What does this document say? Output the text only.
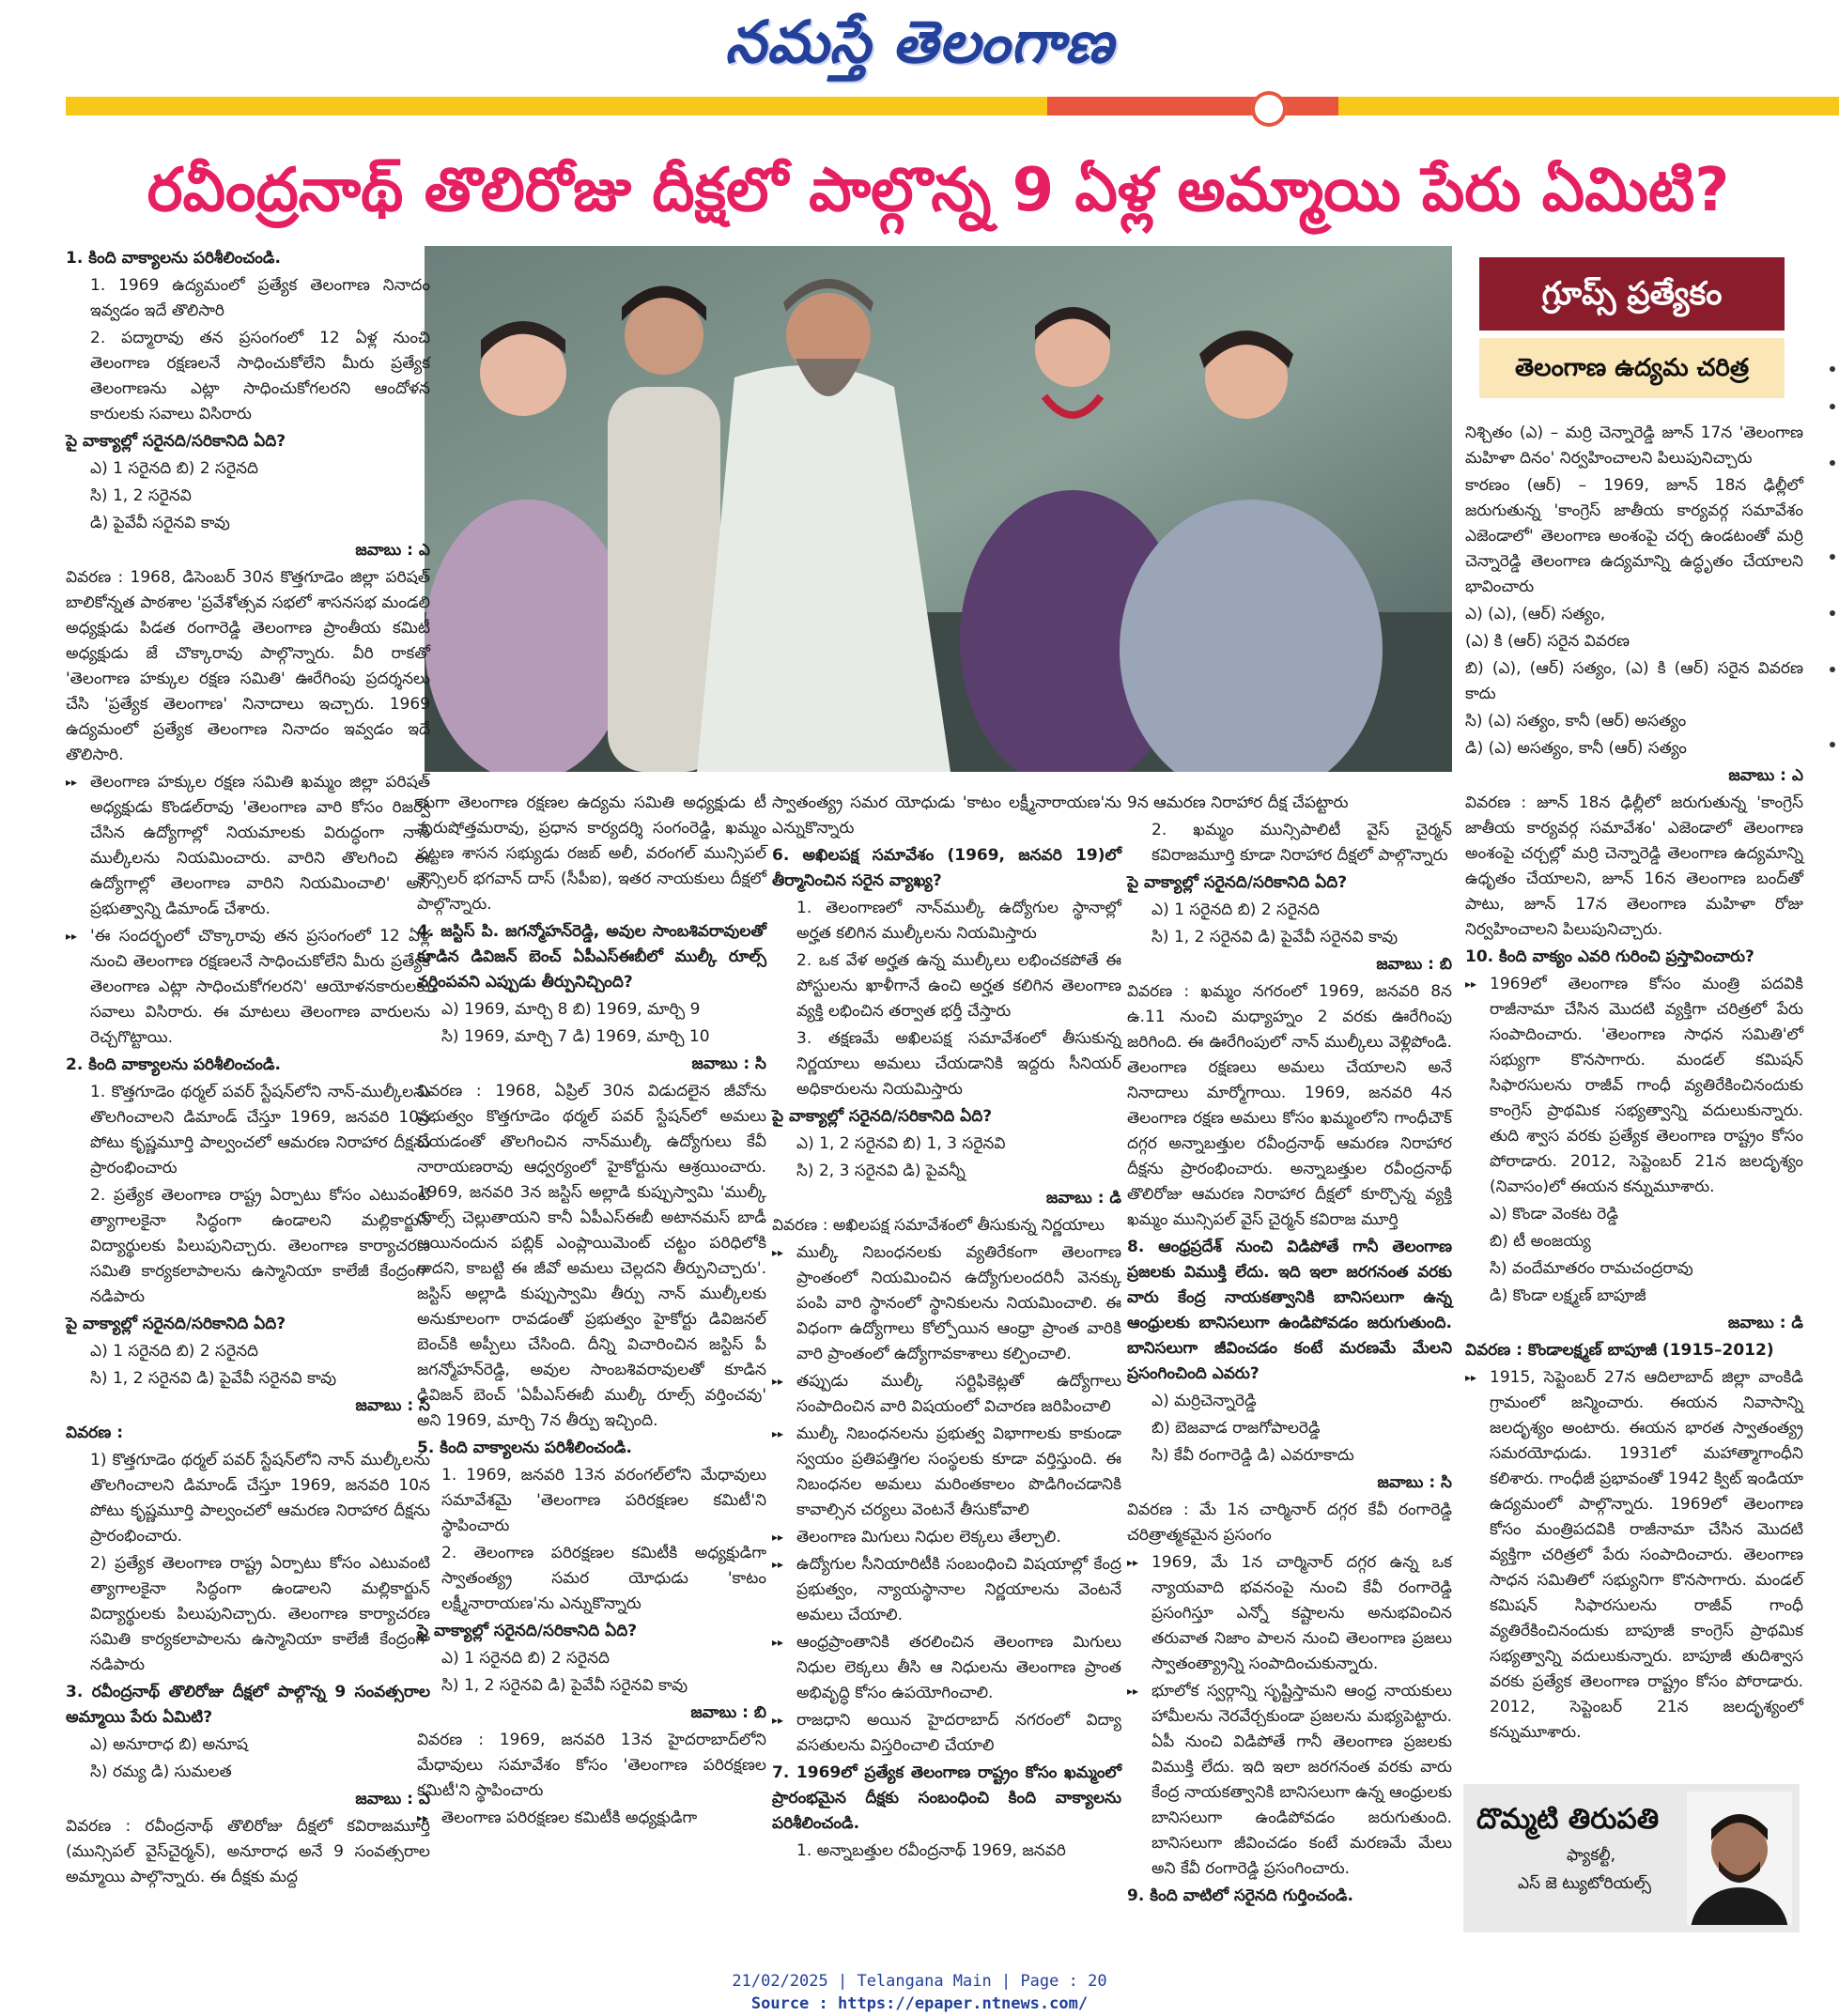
నమస్తే తెలంగాణ
రవీంద్రనాథ్ తొలిరోజు దీక్షలో పాల్గొన్న 9 ఏళ్ల అమ్మాయి పేరు ఏమిటి?
గ్రూప్స్ ప్రత్యేకం
తెలంగాణ ఉద్యమ చరిత్ర

1. కింది వాక్యాలను పరిశీలించండి.

1. 1969 ఉద్యమంలో ప్రత్యేక తెలంగాణ నినాదం ఇవ్వడం ఇదే తొలిసారి

2. పద్మారావు తన ప్రసంగంలో 12 ఏళ్ల నుంచి తెలంగాణ రక్షణలనే సాధించుకోలేని మీరు ప్రత్యేక తెలంగాణను ఎట్లా సాధించుకోగలరని ఆందోళన కారులకు సవాలు విసిరారు

పై వాక్యాల్లో సరైనది/సరికానిది ఏది?

ఎ) 1 సరైనది బి) 2 సరైనది

సి) 1, 2 సరైనవి

డి) పైవేవీ సరైనవి కావు

జవాబు : ఎ

వివరణ : 1968, డిసెంబర్ 30న కొత్తగూడెం జిల్లా పరిషత్ బాలికోన్నత పాఠశాల 'ప్రవేశోత్సవ సభలో శాసనసభ మండలి అధ్యక్షుడు పిడత రంగారెడ్డి తెలంగాణ ప్రాంతీయ కమిటీ అధ్యక్షుడు జే చొక్కారావు పాల్గొన్నారు. వీరి రాకతో 'తెలంగాణ హక్కుల రక్షణ సమితి' ఊరేగింపు ప్రదర్శనలు చేసి 'ప్రత్యేక తెలంగాణ' నినాదాలు ఇచ్చారు. 1969 ఉద్యమంలో ప్రత్యేక తెలంగాణ నినాదం ఇవ్వడం ఇదే తొలిసారి.

▸▸ తెలంగాణ హక్కుల రక్షణ సమితి ఖమ్మం జిల్లా పరిషత్ అధ్యక్షుడు కొండల్‌రావు 'తెలంగాణ వారి కోసం రిజర్వ్ చేసిన ఉద్యోగాల్లో నియమాలకు విరుద్ధంగా నాన్ ముల్కీలను నియమించారు. వారిని తొలగించి ఈ ఉద్యోగాల్లో తెలంగాణ వారిని నియమించాలి' అని ప్రభుత్వాన్ని డిమాండ్ చేశారు.

▸▸ 'ఈ సందర్భంలో చొక్కారావు తన ప్రసంగంలో 12 ఏళ్ల నుంచి తెలంగాణ రక్షణలనే సాధించుకోలేని మీరు ప్రత్యేక తెలంగాణ ఎట్లా సాధించుకోగలరని' ఆయోళనకారులకు సవాలు విసిరారు. ఈ మాటలు తెలంగాణ వారులను రెచ్చగొట్టాయి.

2. కింది వాక్యాలను పరిశీలించండి.

1. కొత్తగూడెం థర్మల్ పవర్ స్టేషన్‌లోని నాన్-ముల్కీలను తొలగించాలని డిమాండ్ చేస్తూ 1969, జనవరి 10న పోటు కృష్ణమూర్తి పాల్వంచలో ఆమరణ నిరాహార దీక్షను ప్రారంభించారు

2. ప్రత్యేక తెలంగాణ రాష్ట్ర ఏర్పాటు కోసం ఎటువంటి త్యాగాలకైనా సిద్ధంగా ఉండాలని మల్లికార్జున్ విద్యార్థులకు పిలుపునిచ్చారు. తెలంగాణ కార్యాచరణ సమితి కార్యకలాపాలను ఉస్మానియా కాలేజీ కేంద్రంగా నడిపారు

పై వాక్యాల్లో సరైనది/సరికానిది ఏది?

ఎ) 1 సరైనది బి) 2 సరైనది

సి) 1, 2 సరైనవి డి) పైవేవీ సరైనవి కావు

జవాబు : సి

వివరణ :

1) కొత్తగూడెం థర్మల్ పవర్ స్టేషన్‌లోని నాన్ ముల్కీలను తొలగించాలని డిమాండ్ చేస్తూ 1969, జనవరి 10న పోటు కృష్ణమూర్తి పాల్వంచలో ఆమరణ నిరాహార దీక్షను ప్రారంభించారు.

2) ప్రత్యేక తెలంగాణ రాష్ట్ర ఏర్పాటు కోసం ఎటువంటి త్యాగాలకైనా సిద్ధంగా ఉండాలని మల్లికార్జున్ విద్యార్థులకు పిలుపునిచ్చారు. తెలంగాణ కార్యాచరణ సమితి కార్యకలాపాలను ఉస్మానియా కాలేజీ కేంద్రంగా నడిపారు

3. రవీంద్రనాథ్ తొలిరోజు దీక్షలో పాల్గొన్న 9 సంవత్సరాల అమ్మాయి పేరు ఏమిటి?

ఎ) అనూరాధ బి) అనూష

సి) రమ్య డి) సుమలత

జవాబు : ఎ

వివరణ : రవీంద్రనాథ్ తొలిరోజు దీక్షలో కవిరాజమూర్తి (మున్సిపల్ వైస్‌చైర్మన్), అనూరాధ అనే 9 సంవత్సరాల అమ్మాయి పాల్గొన్నారు. ఈ దీక్షకు మద్ద

తుగా తెలంగాణ రక్షణల ఉద్యమ సమితి అధ్యక్షుడు టీ పురుషోత్తమరావు, ప్రధాన కార్యదర్శి సంగంరెడ్డి, ఖమ్మం పట్టణ శాసన సభ్యుడు రజబ్ అలీ, వరంగల్ మున్సిపల్ కౌన్సిలర్ భగవాన్ దాస్ (సీపీఐ), ఇతర నాయకులు దీక్షలో పాల్గొన్నారు.

4. జస్టిస్ పి. జగన్మోహన్‌రెడ్డి, అవుల సాంబశివరావులతో కూడిన డివిజన్ బెంచ్ ఏపీఎస్‌ఈబీలో ముల్కీ రూల్స్ వర్తింపవని ఎప్పుడు తీర్పునిచ్చింది?

ఎ) 1969, మార్చి 8 బి) 1969, మార్చి 9

సి) 1969, మార్చి 7 డి) 1969, మార్చి 10

జవాబు : సి

వివరణ : 1968, ఏప్రిల్ 30న విడుదలైన జీవోను ప్రభుత్వం కొత్తగూడెం థర్మల్ పవర్ స్టేషన్‌లో అమలు చేయడంతో తొలగించిన నాన్‌ముల్కీ ఉద్యోగులు కేవీ నారాయణరావు ఆధ్వర్యంలో హైకోర్టును ఆశ్రయించారు. 1969, జనవరి 3న జస్టిస్ అల్లాడి కుప్పుస్వామి 'ముల్కీ రూల్స్ చెల్లుతాయని కానీ ఏపీఎస్‌ఈబీ అటానమస్ బాడీ అయినందున పబ్లిక్ ఎంప్లాయిమెంట్ చట్టం పరిధిలోకి రాదని, కాబట్టి ఈ జీవో అమలు చెల్లదని తీర్పునిచ్చారు'. జస్టిస్ అల్లాడి కుప్పుస్వామి తీర్పు నాన్ ముల్కీలకు అనుకూలంగా రావడంతో ప్రభుత్వం హైకోర్టు డివిజనల్ బెంచ్‌కి అప్పీలు చేసింది. దీన్ని విచారించిన జస్టిస్ పీ జగన్మోహన్‌రెడ్డి, అవుల సాంబశివరావులతో కూడిన డివిజన్ బెంచ్ 'ఏపీఎస్‌ఈబీ ముల్కీ రూల్స్ వర్తించవు' అని 1969, మార్చి 7న తీర్పు ఇచ్చింది.

5. కింది వాక్యాలను పరిశీలించండి.

1. 1969, జనవరి 13న వరంగల్‌లోని మేధావులు సమావేశమై 'తెలంగాణ పరిరక్షణల కమిటీ'ని స్థాపించారు

2. తెలంగాణ పరిరక్షణల కమిటీకి అధ్యక్షుడిగా స్వాతంత్య్ర సమర యోధుడు 'కాటం లక్ష్మీనారాయణ'ను ఎన్నుకొన్నారు

పై వాక్యాల్లో సరైనది/సరికానిది ఏది?

ఎ) 1 సరైనది బి) 2 సరైనది

సి) 1, 2 సరైనవి డి) పైవేవీ సరైనవి కావు

జవాబు : బి

వివరణ : 1969, జనవరి 13న హైదరాబాద్‌లోని మేధావులు సమావేశం కోసం 'తెలంగాణ పరిరక్షణల కమిటీ'ని స్థాపించారు

▸▸ తెలంగాణ పరిరక్షణల కమిటీకి అధ్యక్షుడిగా

స్వాతంత్య్ర సమర యోధుడు 'కాటం లక్ష్మీనారాయణ'ను ఎన్నుకొన్నారు

6. అఖిలపక్ష సమావేశం (1969, జనవరి 19)లో తీర్మానించిన సరైన వ్యాఖ్య?

1. తెలంగాణలో నాన్‌ముల్కీ ఉద్యోగుల స్థానాల్లో అర్హత కలిగిన ముల్కీలను నియమిస్తారు

2. ఒక వేళ అర్హత ఉన్న ముల్కీలు లభించకపోతే ఈ పోస్టులను ఖాళీగానే ఉంచి అర్హత కలిగిన తెలంగాణ వ్యక్తి లభించిన తర్వాత భర్తీ చేస్తారు

3. తక్షణమే అఖిలపక్ష సమావేశంలో తీసుకున్న నిర్ణయాలు అమలు చేయడానికి ఇద్దరు సీనియర్ అధికారులను నియమిస్తారు

పై వాక్యాల్లో సరైనది/సరికానిది ఏది?

ఎ) 1, 2 సరైనవి బి) 1, 3 సరైనవి

సి) 2, 3 సరైనవి డి) పైవన్నీ

జవాబు : డి

వివరణ : అఖిలపక్ష సమావేశంలో తీసుకున్న నిర్ణయాలు

▸▸ ముల్కీ నిబంధనలకు వ్యతిరేకంగా తెలంగాణ ప్రాంతంలో నియమించిన ఉద్యోగులందరినీ వెనక్కు పంపి వారి స్థానంలో స్థానికులను నియమించాలి. ఈ విధంగా ఉద్యోగాలు కోల్పోయిన ఆంధ్రా ప్రాంత వారికి వారి ప్రాంతంలో ఉద్యోగావకాశాలు కల్పించాలి.

▸▸ తప్పుడు ముల్కీ సర్టిఫికెట్లతో ఉద్యోగాలు సంపాదించిన వారి విషయంలో విచారణ జరిపించాలి

▸▸ ముల్కీ నిబంధనలను ప్రభుత్వ విభాగాలకు కాకుండా స్వయం ప్రతిపత్తిగల సంస్థలకు కూడా వర్తిస్తుంది. ఈ నిబంధనల అమలు మరింతకాలం పొడిగించడానికి కావాల్సిన చర్యలు వెంటనే తీసుకోవాలి

▸▸ తెలంగాణ మిగులు నిధుల లెక్కలు తేల్చాలి.

▸▸ ఉద్యోగుల సీనియారిటీకి సంబంధించి విషయాల్లో కేంద్ర ప్రభుత్వం, న్యాయస్థానాల నిర్ణయాలను వెంటనే అమలు చేయాలి.

▸▸ ఆంధ్రప్రాంతానికి తరలించిన తెలంగాణ మిగులు నిధుల లెక్కలు తీసి ఆ నిధులను తెలంగాణ ప్రాంత అభివృద్ధి కోసం ఉపయోగించాలి.

▸▸ రాజధాని అయిన హైదరాబాద్ నగరంలో విద్యా వసతులను విస్తరించాలి చేయాలి

7. 1969లో ప్రత్యేక తెలంగాణ రాష్ట్రం కోసం ఖమ్మంలో ప్రారంభమైన దీక్షకు సంబంధించి కింది వాక్యాలను పరిశీలించండి.

1. అన్నాబత్తుల రవీంద్రనాథ్ 1969, జనవరి

9న ఆమరణ నిరాహార దీక్ష చేపట్టారు

2. ఖమ్మం మున్సిపాలిటీ వైస్ చైర్మన్ కవిరాజమూర్తి కూడా నిరాహార దీక్షలో పాల్గొన్నారు

పై వాక్యాల్లో సరైనది/సరికానిది ఏది?

ఎ) 1 సరైనది బి) 2 సరైనది

సి) 1, 2 సరైనవి డి) పైవేవీ సరైనవి కావు

జవాబు : బి

వివరణ : ఖమ్మం నగరంలో 1969, జనవరి 8న ఉ.11 నుంచి మధ్యాహ్నం 2 వరకు ఊరేగింపు జరిగింది. ఈ ఊరేగింపులో నాన్ ముల్కీలు వెళ్లిపోండి. తెలంగాణ రక్షణలు అమలు చేయాలని అనే నినాదాలు మార్మోగాయి. 1969, జనవరి 4న తెలంగాణ రక్షణ అమలు కోసం ఖమ్మంలోని గాంధీచౌక్ దగ్గర అన్నాబత్తుల రవీంద్రనాథ్ ఆమరణ నిరాహార దీక్షను ప్రారంభించారు. అన్నాబత్తుల రవీంద్రనాథ్ తొలిరోజు ఆమరణ నిరాహార దీక్షలో కూర్చొన్న వ్యక్తి ఖమ్మం మున్సిపల్ వైస్ చైర్మన్ కవిరాజ మూర్తి

8. ఆంధ్రప్రదేశ్ నుంచి విడిపోతే గానీ తెలంగాణ ప్రజలకు విముక్తి లేదు. ఇది ఇలా జరగనంత వరకు వారు కేంద్ర నాయకత్వానికి బానిసలుగా ఉన్న ఆంధ్రులకు బానిసలుగా ఉండిపోవడం జరుగుతుంది. బానిసలుగా జీవించడం కంటే మరణమే మేలని ప్రసంగించింది ఎవరు?

ఎ) మర్రిచెన్నారెడ్డి

బి) బెజవాడ రాజగోపాలరెడ్డి

సి) కేవీ రంగారెడ్డి డి) ఎవరూకాదు

జవాబు : సి

వివరణ : మే 1న చార్మినార్ దగ్గర కేవీ రంగారెడ్డి చరిత్రాత్మకమైన ప్రసంగం

▸▸ 1969, మే 1న చార్మినార్ దగ్గర ఉన్న ఒక న్యాయవాది భవనంపై నుంచి కేవీ రంగారెడ్డి ప్రసంగిస్తూ ఎన్నో కష్టాలను అనుభవించిన తరువాత నిజాం పాలన నుంచి తెలంగాణ ప్రజలు స్వాతంత్య్రాన్ని సంపాదించుకున్నారు.

▸▸ భూలోక స్వర్గాన్ని సృష్టిస్తామని ఆంధ్ర నాయకులు హామీలను నెరవేర్చకుండా ప్రజలను మభ్యపెట్టారు. ఏపీ నుంచి విడిపోతే గానీ తెలంగాణ ప్రజలకు విముక్తి లేదు. ఇది ఇలా జరగనంత వరకు వారు కేంద్ర నాయకత్వానికి బానిసలుగా ఉన్న ఆంధ్రులకు బానిసలుగా ఉండిపోవడం జరుగుతుంది. బానిసలుగా జీవించడం కంటే మరణమే మేలు అని కేవీ రంగారెడ్డి ప్రసంగించారు.

9. కింది వాటిలో సరైనది గుర్తించండి.

నిశ్చితం (ఎ) – మర్రి చెన్నారెడ్డి జూన్ 17న 'తెలంగాణ మహిళా దినం' నిర్వహించాలని పిలుపునిచ్చారు

కారణం (ఆర్) – 1969, జూన్ 18న ఢిల్లీలో జరుగుతున్న 'కాంగ్రెస్ జాతీయ కార్యవర్గ సమావేశం ఎజెండాలో' తెలంగాణ అంశంపై చర్చ ఉండటంతో మర్రి చెన్నారెడ్డి తెలంగాణ ఉద్యమాన్ని ఉద్ధృతం చేయాలని భావించారు

ఎ) (ఎ), (ఆర్) సత్యం,

(ఎ) కి (ఆర్) సరైన వివరణ

బి) (ఎ), (ఆర్) సత్యం, (ఎ) కి (ఆర్) సరైన వివరణ కాదు

సి) (ఎ) సత్యం, కానీ (ఆర్) అసత్యం

డి) (ఎ) అసత్యం, కానీ (ఆర్) సత్యం

జవాబు : ఎ

వివరణ : జూన్ 18న ఢిల్లీలో జరుగుతున్న 'కాంగ్రెస్ జాతీయ కార్యవర్గ సమావేశం' ఎజెండాలో తెలంగాణ అంశంపై చర్చల్లో మర్రి చెన్నారెడ్డి తెలంగాణ ఉద్యమాన్ని ఉధృతం చేయాలని, జూన్ 16న తెలంగాణ బంద్‌తో పాటు, జూన్ 17న తెలంగాణ మహిళా రోజు నిర్వహించాలని పిలుపునిచ్చారు.

10. కింది వాక్యం ఎవరి గురించి ప్రస్తావించారు?

▸▸ 1969లో తెలంగాణ కోసం మంత్రి పదవికి రాజీనామా చేసిన మొదటి వ్యక్తిగా చరిత్రలో పేరు సంపాదించారు. 'తెలంగాణ సాధన సమితి'లో సభ్యుగా కొనసాగారు. మండల్ కమిషన్ సిఫారసులను రాజీవ్ గాంధీ వ్యతిరేకించినందుకు కాంగ్రెస్ ప్రాథమిక సభ్యత్వాన్ని వదులుకున్నారు. తుది శ్వాస వరకు ప్రత్యేక తెలంగాణ రాష్ట్రం కోసం పోరాడారు. 2012, సెప్టెంబర్ 21న జలదృశ్యం (నివాసం)లో ఈయన కన్నుమూశారు.

ఎ) కొండా వెంకట రెడ్డి

బి) టీ అంజయ్య

సి) వందేమాతరం రామచంద్రరావు

డి) కొండా లక్ష్మణ్ బాపూజీ

జవాబు : డి

వివరణ : కొండాలక్ష్మణ్ బాపూజీ (1915–2012)

▸▸ 1915, సెప్టెంబర్ 27న ఆదిలాబాద్ జిల్లా వాంకిడి గ్రామంలో జన్మించారు. ఈయన నివాసాన్ని జలదృశ్యం అంటారు. ఈయన భారత స్వాతంత్య్ర సమరయోధుడు. 1931లో మహాత్మాగాంధీని కలిశారు. గాంధీజీ ప్రభావంతో 1942 క్విట్ ఇండియా ఉద్యమంలో పాల్గొన్నారు. 1969లో తెలంగాణ కోసం మంత్రిపదవికి రాజీనామా చేసిన మొదటి వ్యక్తిగా చరిత్రలో పేరు సంపాదించారు. తెలంగాణ సాధన సమితిలో సభ్యునిగా కొనసాగారు. మండల్ కమిషన్ సిఫారసులను రాజీవ్ గాంధీ వ్యతిరేకించినందుకు బాపూజీ కాంగ్రెస్ ప్రాథమిక సభ్యత్వాన్ని వదులుకున్నారు. బాపూజీ తుదిశ్వాస వరకు ప్రత్యేక తెలంగాణ రాష్ట్రం కోసం పోరాడారు. 2012, సెప్టెంబర్ 21న జలదృశ్యంలో కన్నుమూశారు.

దొమ్మటి తిరుపతి
ఫ్యాకల్టీ,
ఎస్ జె ట్యుటోరియల్స్
21/02/2025 | Telangana Main | Page : 20
Source : https://epaper.ntnews.com/
